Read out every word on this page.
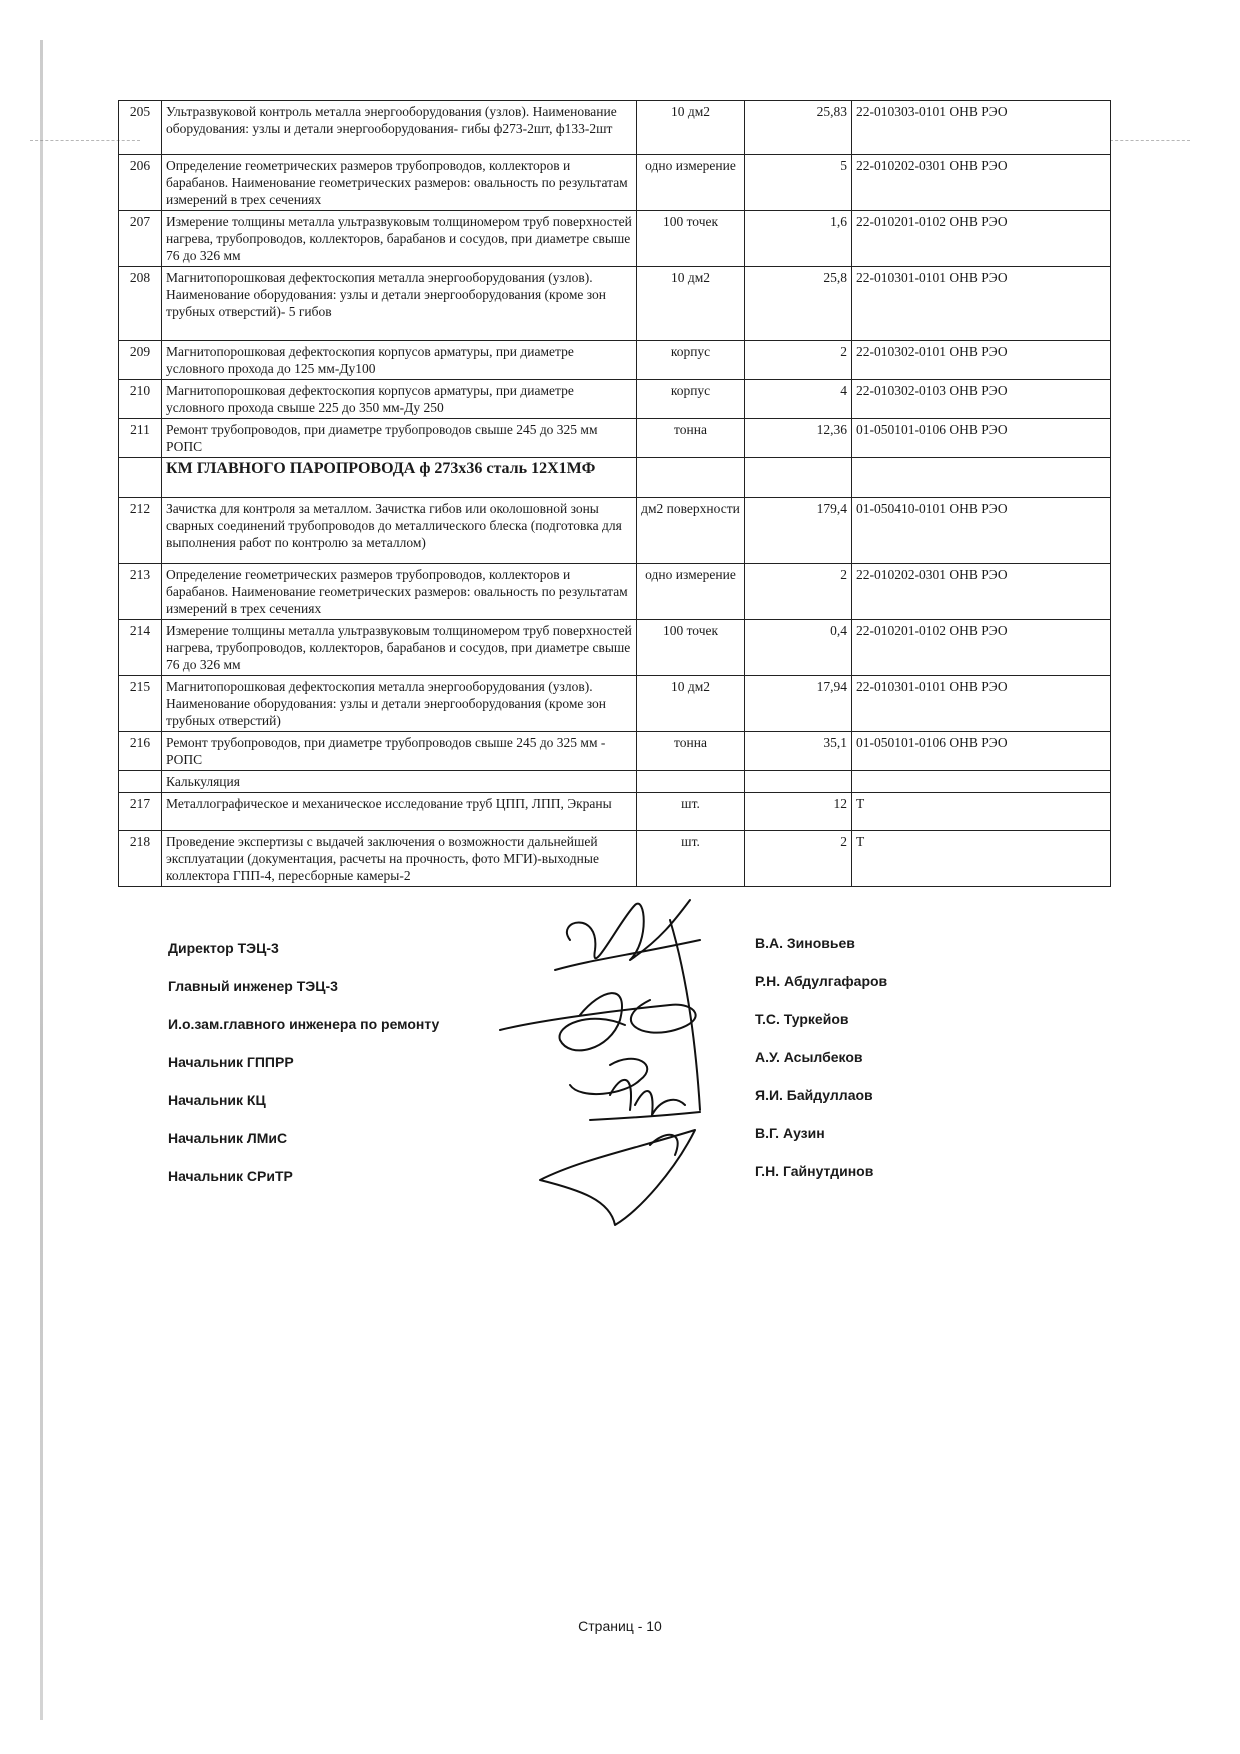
205	Ультразвуковой контроль металла энергооборудования (узлов). Наименование оборудования: узлы и детали энергооборудования- гибы ф273-2шт, ф133-2шт	10 дм2	25,83	22-010303-0101 ОНВ РЭО
206	Определение геометрических размеров трубопроводов, коллекторов и барабанов. Наименование геометрических размеров: овальность по результатам измерений в трех сечениях	одно измерение	5	22-010202-0301 ОНВ РЭО
207	Измерение толщины металла ультразвуковым толщиномером труб поверхностей нагрева, трубопроводов, коллекторов, барабанов и сосудов, при диаметре свыше 76 до 326 мм	100 точек	1,6	22-010201-0102 ОНВ РЭО
208	Магнитопорошковая дефектоскопия металла энергооборудования (узлов). Наименование оборудования: узлы и детали энергооборудования (кроме зон трубных отверстий)- 5 гибов	10 дм2	25,8	22-010301-0101 ОНВ РЭО
209	Магнитопорошковая дефектоскопия корпусов арматуры, при диаметре условного прохода до 125 мм-Ду100	корпус	2	22-010302-0101 ОНВ РЭО
210	Магнитопорошковая дефектоскопия корпусов арматуры, при диаметре условного прохода свыше 225 до 350 мм-Ду 250	корпус	4	22-010302-0103 ОНВ РЭО
211	Ремонт трубопроводов, при диаметре трубопроводов свыше 245 до 325 мм РОПС	тонна	12,36	01-050101-0106 ОНВ РЭО
	КМ ГЛАВНОГО ПАРОПРОВОДА ф 273х36 сталь 12Х1МФ			
212	Зачистка для контроля за металлом. Зачистка гибов или околошовной зоны сварных соединений трубопроводов до металлического блеска (подготовка для выполнения работ по контролю за металлом)	дм2 поверхности	179,4	01-050410-0101 ОНВ РЭО
213	Определение геометрических размеров трубопроводов, коллекторов и барабанов. Наименование геометрических размеров: овальность по результатам измерений в трех сечениях	одно измерение	2	22-010202-0301 ОНВ РЭО
214	Измерение толщины металла ультразвуковым толщиномером труб поверхностей нагрева, трубопроводов, коллекторов, барабанов и сосудов, при диаметре свыше 76 до 326 мм	100 точек	0,4	22-010201-0102 ОНВ РЭО
215	Магнитопорошковая дефектоскопия металла энергооборудования (узлов). Наименование оборудования: узлы и детали энергооборудования (кроме зон трубных отверстий)	10 дм2	17,94	22-010301-0101 ОНВ РЭО
216	Ремонт трубопроводов, при диаметре трубопроводов свыше 245 до 325 мм - РОПС	тонна	35,1	01-050101-0106 ОНВ РЭО
	Калькуляция			
217	Металлографическое и механическое исследование труб ЦПП, ЛПП, Экраны	шт.	12	Т
218	Проведение экспертизы с выдачей заключения о возможности дальнейшей эксплуатации (документация, расчеты на прочность, фото МГИ)-выходные коллектора ГПП-4, пересборные камеры-2	шт.	2	Т
Директор ТЭЦ-3
Главный инженер ТЭЦ-3
И.о.зам.главного инженера по ремонту
Начальник ГППРР
Начальник КЦ
Начальник ЛМиС
Начальник СРиТР
В.А. Зиновьев
Р.Н. Абдулгафаров
Т.С. Туркейов
А.У. Асылбеков
Я.И. Байдуллаов
В.Г. Аузин
Г.Н. Гайнутдинов
Страниц - 10
